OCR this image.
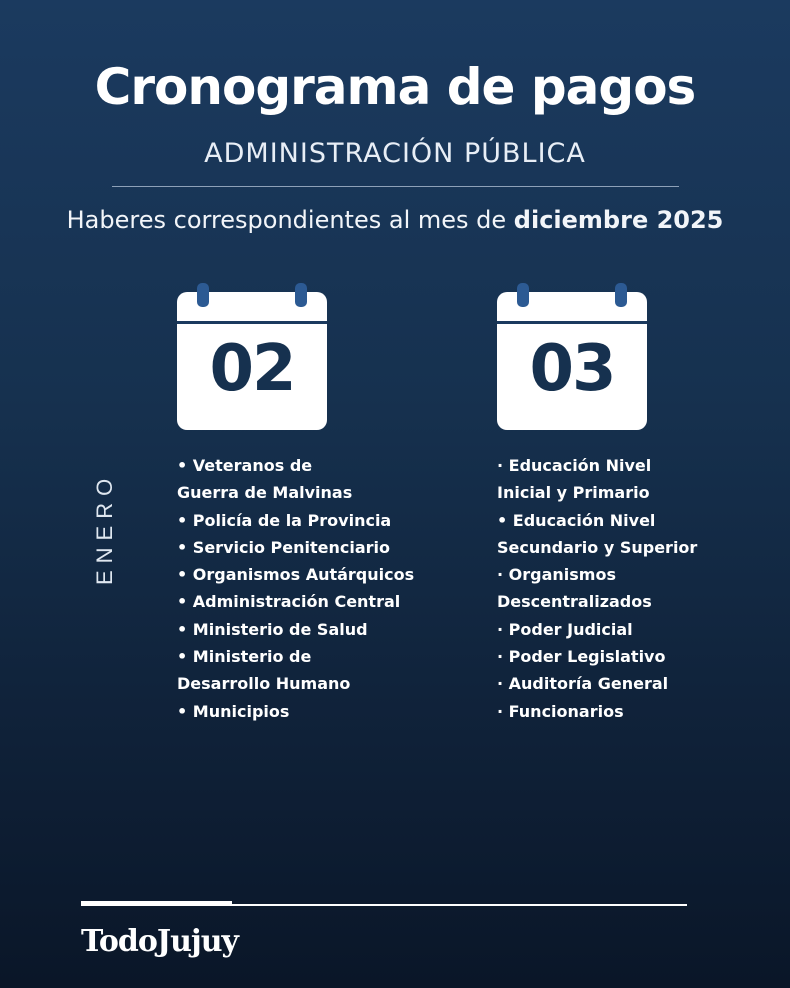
Cronograma de pagos
ADMINISTRACIÓN PÚBLICA
Haberes correspondientes al mes de diciembre 2025
ENERO
02	03
• Veteranos de
Guerra de Malvinas
• Policía de la Provincia
• Servicio Penitenciario
• Organismos Autárquicos
• Administración Central
• Ministerio de Salud
• Ministerio de
Desarrollo Humano
• Municipios
· Educación Nivel
Inicial y Primario
• Educación Nivel
Secundario y Superior
· Organismos
Descentralizados
· Poder Judicial
· Poder Legislativo
· Auditoría General
· Funcionarios
TodoJujuy
